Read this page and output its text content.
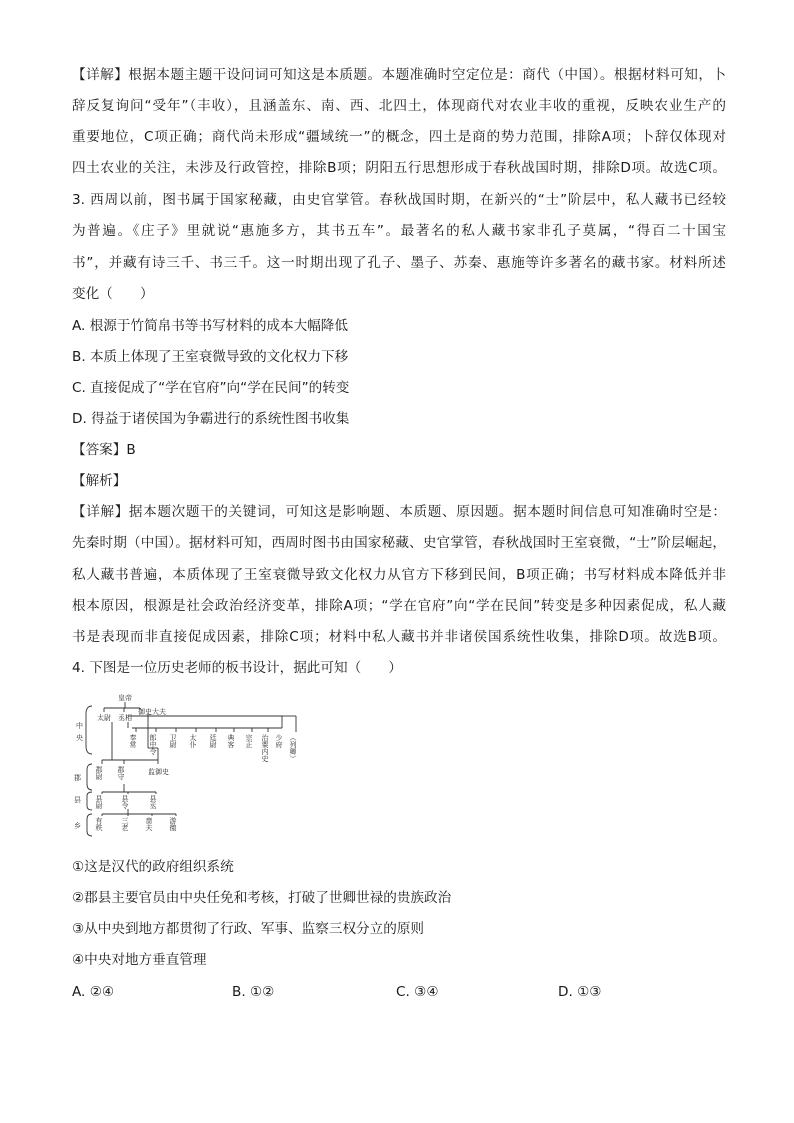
【详解】根据本题主题干设问词可知这是本质题。本题准确时空定位是：商代（中国）。根据材料可知，卜
辞反复询问“受年”（丰收），且涵盖东、南、西、北四土，体现商代对农业丰收的重视，反映农业生产的
重要地位，C项正确；商代尚未形成“疆域统一”的概念，四土是商的势力范围，排除A项；卜辞仅体现对
四土农业的关注，未涉及行政管控，排除B项；阴阳五行思想形成于春秋战国时期，排除D项。故选C项。
3. 西周以前，图书属于国家秘藏，由史官掌管。春秋战国时期，在新兴的“士”阶层中，私人藏书已经较
为普遍。《庄子》里就说“惠施多方，其书五车”。最著名的私人藏书家非孔子莫属，“得百二十国宝
书”，并藏有诗三千、书三千。这一时期出现了孔子、墨子、苏秦、惠施等许多著名的藏书家。材料所述
变化（　　）
A. 根源于竹简帛书等书写材料的成本大幅降低
B. 本质上体现了王室衰微导致的文化权力下移
C. 直接促成了“学在官府”向“学在民间”的转变
D. 得益于诸侯国为争霸进行的系统性图书收集
【答案】B
【解析】
【详解】据本题次题干的关键词，可知这是影响题、本质题、原因题。据本题时间信息可知准确时空是：
先秦时期（中国）。据材料可知，西周时图书由国家秘藏、史官掌管，春秋战国时王室衰微，“士”阶层崛起，
私人藏书普遍，本质体现了王室衰微导致文化权力从官方下移到民间，B项正确；书写材料成本降低并非
根本原因，根源是社会政治经济变革，排除A项；“学在官府”向“学在民间”转变是多种因素促成，私人藏
书是表现而非直接促成因素，排除C项；材料中私人藏书并非诸侯国系统性收集，排除D项。故选B项。
4. 下图是一位历史老师的板书设计，据此可知（　　）
中
央
郡
县
乡
皇帝
太尉 丞相
御史大夫
奉常 郎中令 卫尉 太仆 廷尉 典客 宗正 治粟内史 少府 （列卿）
郡尉 郡守	监御史
县尉	县令	县丞
有秩	三老 啬夫 游徼
①这是汉代的政府组织系统
②郡县主要官员由中央任免和考核，打破了世卿世禄的贵族政治
③从中央到地方都贯彻了行政、军事、监察三权分立的原则
④中央对地方垂直管理
A. ②④	B. ①②	C. ③④	D. ①③
